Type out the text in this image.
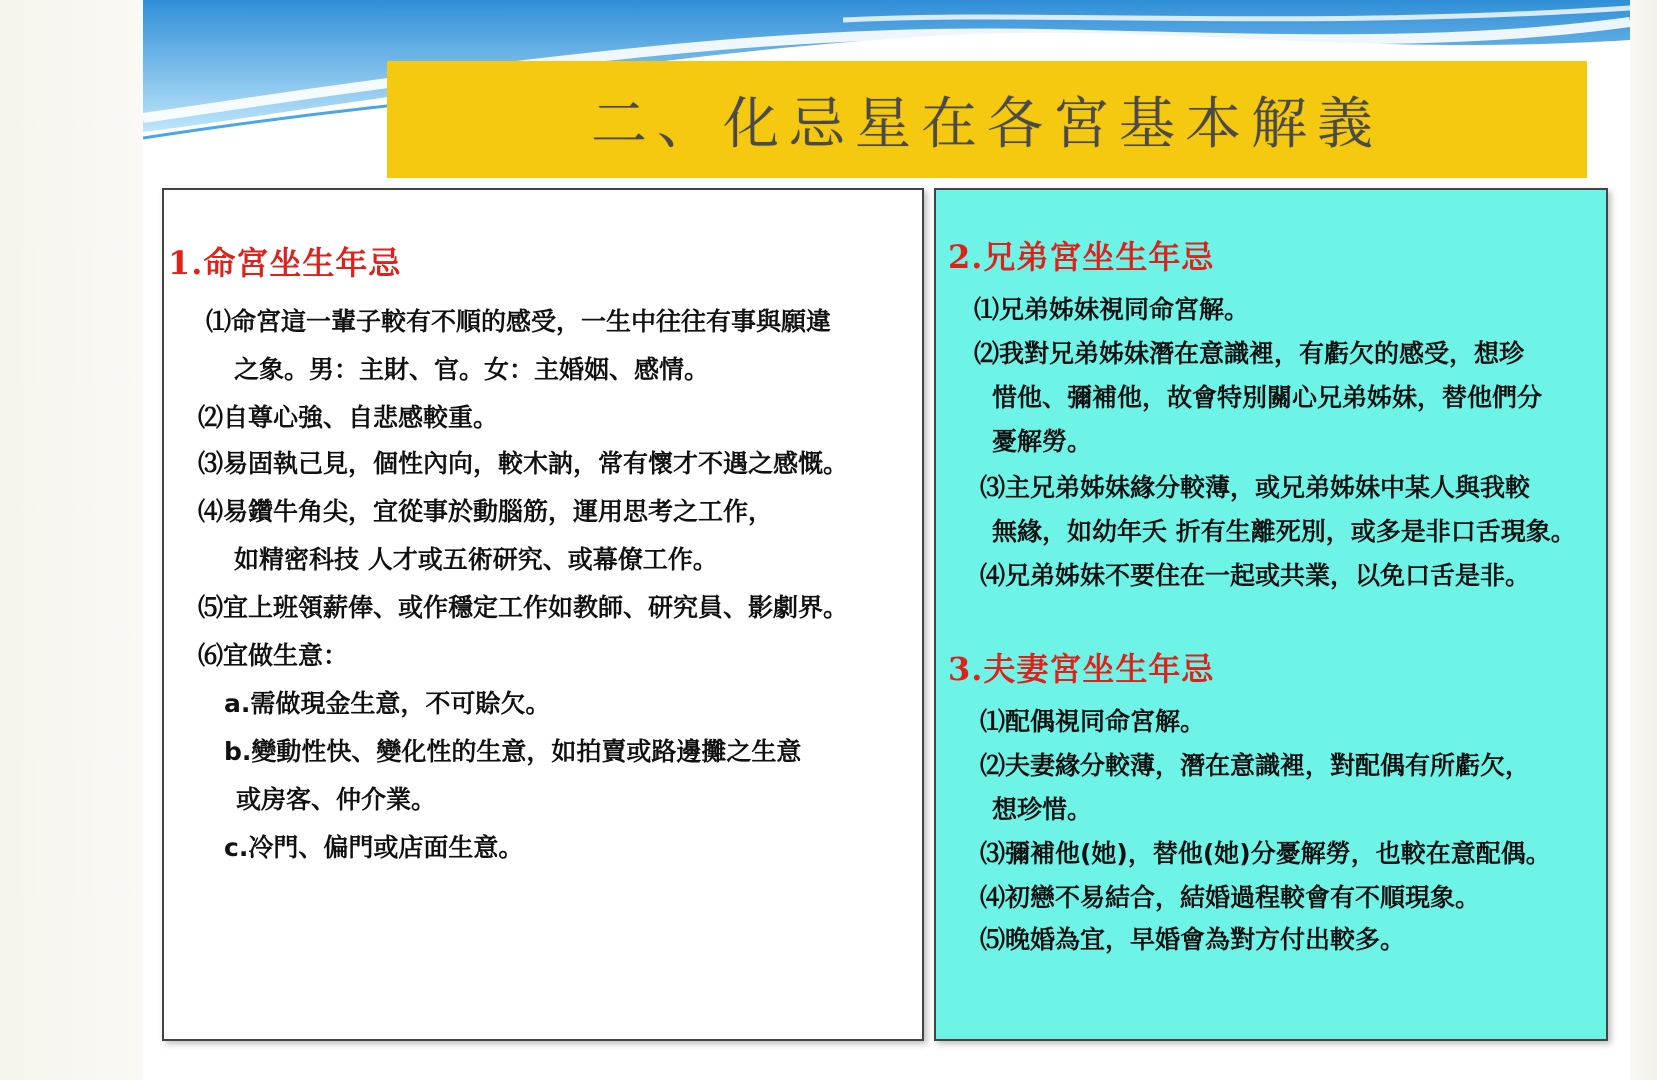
二、化忌星在各宮基本解義
1.命宮坐生年忌
⑴命宮這一輩子較有不順的感受，一生中往往有事與願違
之象。男：主財、官。女：主婚姻、感情。
⑵自尊心強、自悲感較重。
⑶易固執己見，個性內向，較木訥，常有懷才不遇之感慨。
⑷易鑽牛角尖，宜從事於動腦筋，運用思考之工作，
如精密科技 人才或五術研究、或幕僚工作。
⑸宜上班領薪俸、或作穩定工作如教師、研究員、影劇界。
⑹宜做生意：
a.需做現金生意，不可賒欠。
b.變動性快、變化性的生意，如拍賣或路邊攤之生意
或房客、仲介業。
c.冷門、偏門或店面生意。
2.兄弟宮坐生年忌
⑴兄弟姊妹視同命宮解。
⑵我對兄弟姊妹潛在意識裡，有虧欠的感受，想珍
惜他、彌補他，故會特別關心兄弟姊妹，替他們分
憂解勞。
⑶主兄弟姊妹緣分較薄，或兄弟姊妹中某人與我較
無緣，如幼年夭 折有生離死別，或多是非口舌現象。
⑷兄弟姊妹不要住在一起或共業，以免口舌是非。
3.夫妻宮坐生年忌
⑴配偶視同命宮解。
⑵夫妻緣分較薄，潛在意識裡，對配偶有所虧欠，
想珍惜。
⑶彌補他(她)，替他(她)分憂解勞，也較在意配偶。
⑷初戀不易結合，結婚過程較會有不順現象。
⑸晚婚為宜，早婚會為對方付出較多。
